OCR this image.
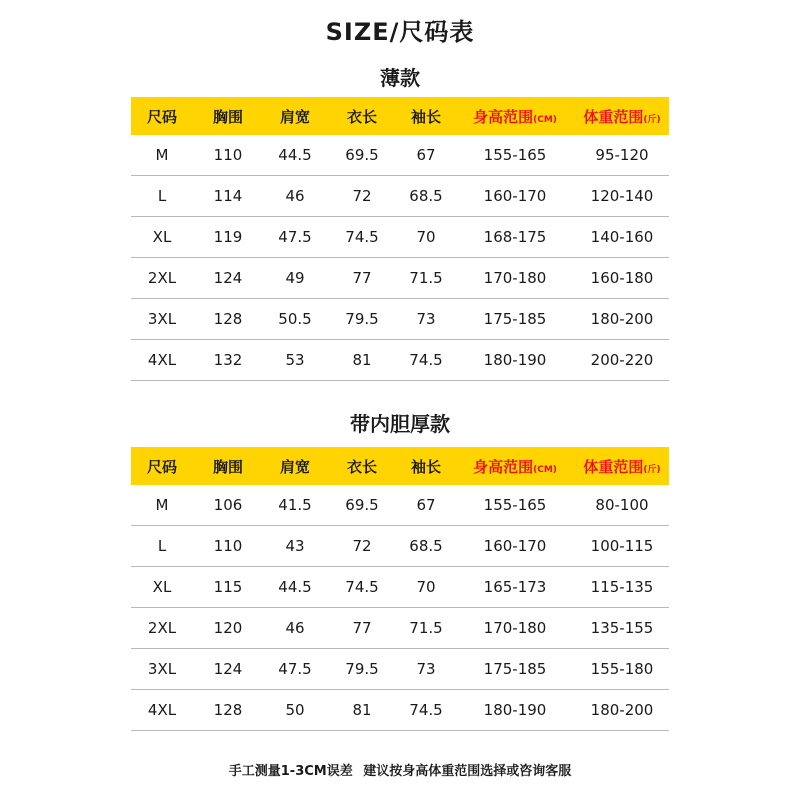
SIZE/尺码表
薄款
尺码	胸围	肩宽	衣长	袖长	身高范围(CM)	体重范围(斤)
M	110	44.5	69.5	67	155-165	95-120
L	114	46	72	68.5	160-170	120-140
XL	119	47.5	74.5	70	168-175	140-160
2XL	124	49	77	71.5	170-180	160-180
3XL	128	50.5	79.5	73	175-185	180-200
4XL	132	53	81	74.5	180-190	200-220
带内胆厚款
尺码	胸围	肩宽	衣长	袖长	身高范围(CM)	体重范围(斤)
M	106	41.5	69.5	67	155-165	80-100
L	110	43	72	68.5	160-170	100-115
XL	115	44.5	74.5	70	165-173	115-135
2XL	120	46	77	71.5	170-180	135-155
3XL	124	47.5	79.5	73	175-185	155-180
4XL	128	50	81	74.5	180-190	180-200
手工测量1-3CM误差 建议按身高体重范围选择或咨询客服
